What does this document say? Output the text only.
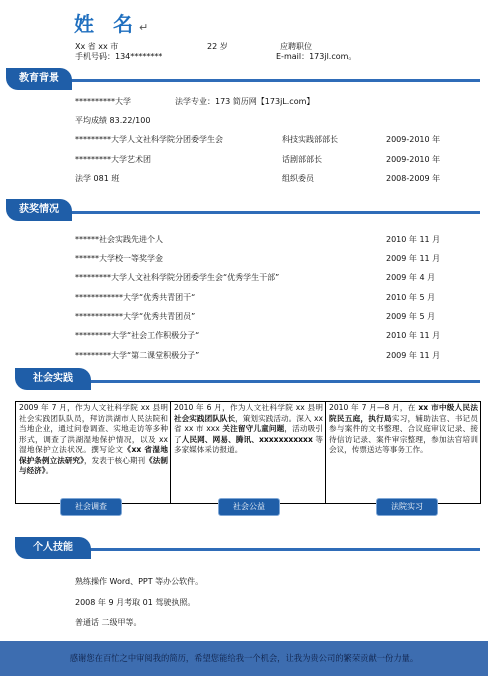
姓 名↵
Xx 省 xx 市	22 岁	应聘职位
手机号码：134********	E-mail：173jl.com。
教育背景
**********大学	法学专业：173 简历网【173jL.com】
平均成绩 83.22/100
*********大学人文社科学院分团委学生会	科技实践部部长	2009-2010 年
*********大学艺术团	话剧部部长	2009-2010 年
法学 081 班	组织委员	2008-2009 年
获奖情况
******社会实践先进个人	2010 年 11 月
******大学校一等奖学金	2009 年 11 月
*********大学人文社科学院分团委学生会“优秀学生干部”	2009 年 4 月
************大学“优秀共青团干“	2010 年 5 月
************大学“优秀共青团员”	2009 年 5 月
*********大学“社会工作积极分子“	2010 年 11 月
*********大学“第二课堂积极分子”	2009 年 11 月
社会实践
2009 年 7 月，作为人文社科学院 xx 县明社会实践团队队员，拜访洪湖市人民法院和当地企业，通过问卷调查、实地走访等多种形式，调查了洪湖湿地保护情况，以及 xx 湿地保护立法状况。撰写论文《xx 省湿地保护条例立法研究》，发表于核心期刊《法制与经济》。
2010 年 6 月，作为人文社科学院 xx 县明社会实践团队队长，策划实践活动。深入 xx 省 xx 市 xxx 关注留守儿童问题，活动吸引了人民网、网易、腾讯、xxxxxxxxxxx 等多家媒体采访报道。
2010 年 7 月—8 月，在 xx 市中级人民法院民五庭，执行局实习，辅助法官、书记员参与案件的文书整理、合议庭审议记录、接待信访记录、案件审宗整理，参加法官培训会议，传票送达等事务工作。
社会调查	社会公益	法院实习
个人技能
熟练操作 Word、PPT 等办公软件。
2008 年 9 月考取 01 驾驶执照。
普通话 二级甲等。
感谢您在百忙之中审阅我的简历，希望您能给我一个机会，让我为贵公司的繁荣贡献一份力量。
